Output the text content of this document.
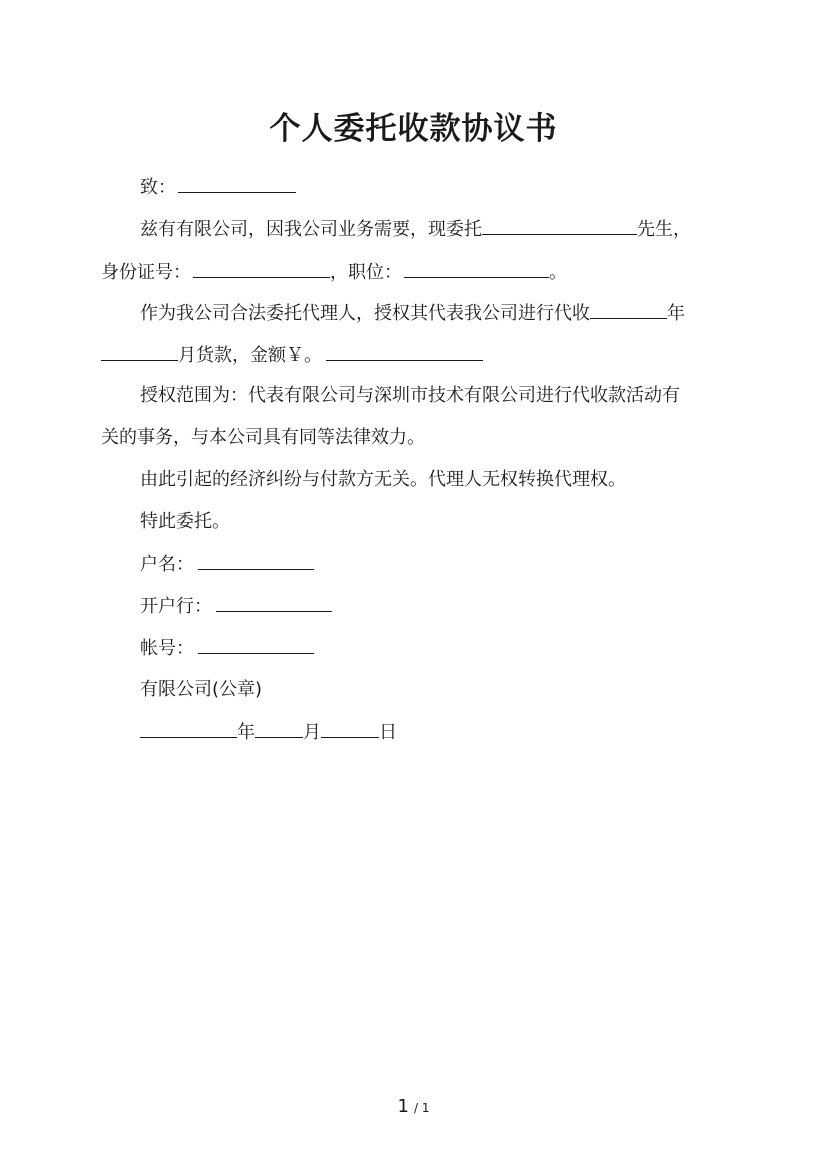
个人委托收款协议书
致：
兹有有限公司，因我公司业务需要，现委托	先生，
身份证号：	，职位：	。
作为我公司合法委托代理人，授权其代表我公司进行代收	年
月货款，金额￥。
授权范围为：代表有限公司与深圳市技术有限公司进行代收款活动有
关的事务，与本公司具有同等法律效力。
由此引起的经济纠纷与付款方无关。代理人无权转换代理权。
特此委托。
户名：
开户行：
帐号：
有限公司(公章)
年	月	日
1 / 1
